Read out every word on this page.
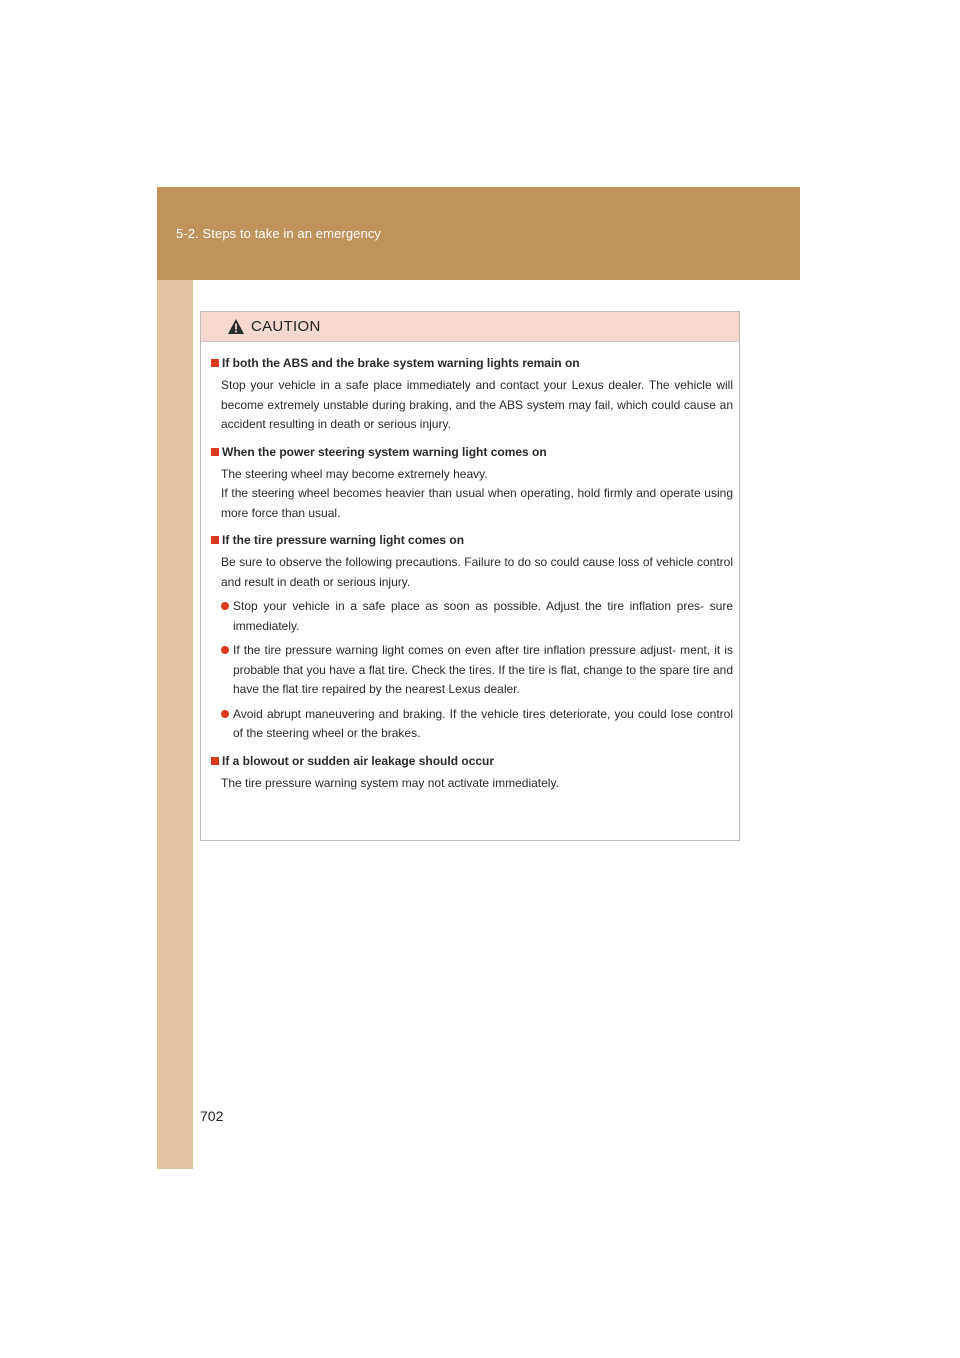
5-2. Steps to take in an emergency
CAUTION
If both the ABS and the brake system warning lights remain on
Stop your vehicle in a safe place immediately and contact your Lexus dealer. The vehicle will become extremely unstable during braking, and the ABS system may fail, which could cause an accident resulting in death or serious injury.
When the power steering system warning light comes on
The steering wheel may become extremely heavy.
If the steering wheel becomes heavier than usual when operating, hold firmly and operate using more force than usual.
If the tire pressure warning light comes on
Be sure to observe the following precautions. Failure to do so could cause loss of vehicle control and result in death or serious injury.
Stop your vehicle in a safe place as soon as possible. Adjust the tire inflation pres- sure immediately.
If the tire pressure warning light comes on even after tire inflation pressure adjust- ment, it is probable that you have a flat tire. Check the tires. If the tire is flat, change to the spare tire and have the flat tire repaired by the nearest Lexus dealer.
Avoid abrupt maneuvering and braking. If the vehicle tires deteriorate, you could lose control of the steering wheel or the brakes.
If a blowout or sudden air leakage should occur
The tire pressure warning system may not activate immediately.
702
